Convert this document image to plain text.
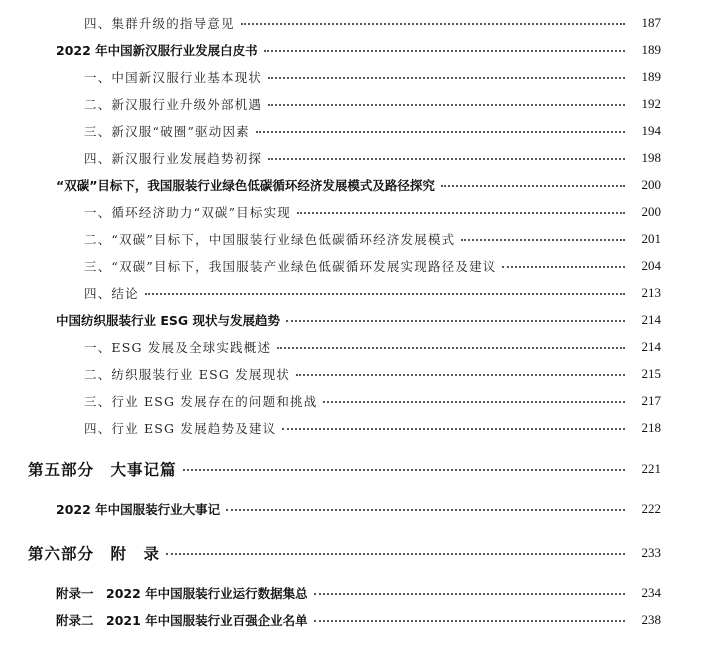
四、集群升级的指导意见	187
2022 年中国新汉服行业发展白皮书	189
一、中国新汉服行业基本现状	189
二、新汉服行业升级外部机遇	192
三、新汉服“破圈”驱动因素	194
四、新汉服行业发展趋势初探	198
“双碳”目标下，我国服装行业绿色低碳循环经济发展模式及路径探究	200
一、循环经济助力“双碳”目标实现	200
二、“双碳”目标下，中国服装行业绿色低碳循环经济发展模式	201
三、“双碳”目标下，我国服装产业绿色低碳循环发展实现路径及建议	204
四、结论	213
中国纺织服装行业 ESG 现状与发展趋势	214
一、ESG 发展及全球实践概述	214
二、纺织服装行业 ESG 发展现状	215
三、行业 ESG 发展存在的问题和挑战	217
四、行业 ESG 发展趋势及建议	218
第五部分　大事记篇	221
2022 年中国服装行业大事记	222
第六部分　附　录	233
附录一　2022 年中国服装行业运行数据集总	234
附录二　2021 年中国服装行业百强企业名单	238
